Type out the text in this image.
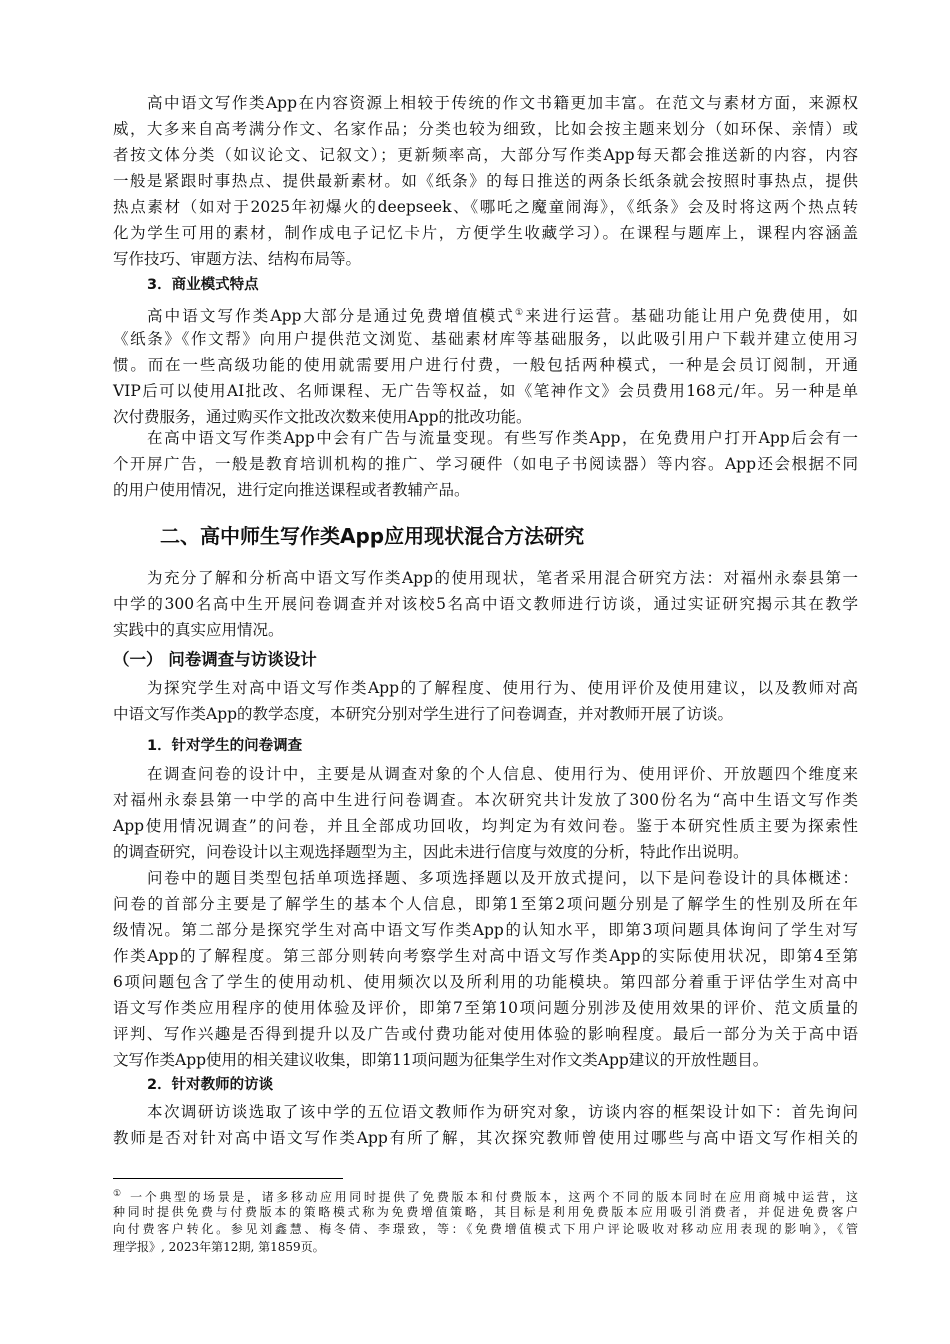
高中语文写作类App在内容资源上相较于传统的作文书籍更加丰富。在范文与素材方面，来源权
威，大多来自高考满分作文、名家作品；分类也较为细致，比如会按主题来划分（如环保、亲情）或
者按文体分类（如议论文、记叙文）；更新频率高，大部分写作类App每天都会推送新的内容，内容
一般是紧跟时事热点、提供最新素材。如《纸条》的每日推送的两条长纸条就会按照时事热点，提供
热点素材（如对于2025年初爆火的deepseek、《哪吒之魔童闹海》，《纸条》会及时将这两个热点转
化为学生可用的素材，制作成电子记忆卡片，方便学生收藏学习）。在课程与题库上，课程内容涵盖
写作技巧、审题方法、结构布局等。
3．商业模式特点
高中语文写作类App大部分是通过免费增值模式①来进行运营。基础功能让用户免费使用，如
《纸条》《作文帮》向用户提供范文浏览、基础素材库等基础服务，以此吸引用户下载并建立使用习
惯。而在一些高级功能的使用就需要用户进行付费，一般包括两种模式，一种是会员订阅制，开通
VIP后可以使用AI批改、名师课程、无广告等权益，如《笔神作文》会员费用168元/年。另一种是单
次付费服务，通过购买作文批改次数来使用App的批改功能。
在高中语文写作类App中会有广告与流量变现。有些写作类App，在免费用户打开App后会有一
个开屏广告，一般是教育培训机构的推广、学习硬件（如电子书阅读器）等内容。App还会根据不同
的用户使用情况，进行定向推送课程或者教辅产品。
二、高中师生写作类App应用现状混合方法研究
为充分了解和分析高中语文写作类App的使用现状，笔者采用混合研究方法：对福州永泰县第一
中学的300名高中生开展问卷调查并对该校5名高中语文教师进行访谈，通过实证研究揭示其在教学
实践中的真实应用情况。
（一） 问卷调查与访谈设计
为探究学生对高中语文写作类App的了解程度、使用行为、使用评价及使用建议，以及教师对高
中语文写作类App的教学态度，本研究分别对学生进行了问卷调查，并对教师开展了访谈。
1．针对学生的问卷调查
在调查问卷的设计中，主要是从调查对象的个人信息、使用行为、使用评价、开放题四个维度来
对福州永泰县第一中学的高中生进行问卷调查。本次研究共计发放了300份名为“高中生语文写作类
App使用情况调查”的问卷，并且全部成功回收，均判定为有效问卷。鉴于本研究性质主要为探索性
的调查研究，问卷设计以主观选择题型为主，因此未进行信度与效度的分析，特此作出说明。
问卷中的题目类型包括单项选择题、多项选择题以及开放式提问，以下是问卷设计的具体概述：
问卷的首部分主要是了解学生的基本个人信息，即第1至第2项问题分别是了解学生的性别及所在年
级情况。第二部分是探究学生对高中语文写作类App的认知水平，即第3项问题具体询问了学生对写
作类App的了解程度。第三部分则转向考察学生对高中语文写作类App的实际使用状况，即第4至第
6项问题包含了学生的使用动机、使用频次以及所利用的功能模块。第四部分着重于评估学生对高中
语文写作类应用程序的使用体验及评价，即第7至第10项问题分别涉及使用效果的评价、范文质量的
评判、写作兴趣是否得到提升以及广告或付费功能对使用体验的影响程度。最后一部分为关于高中语
文写作类App使用的相关建议收集，即第11项问题为征集学生对作文类App建议的开放性题目。
2．针对教师的访谈
本次调研访谈选取了该中学的五位语文教师作为研究对象，访谈内容的框架设计如下：首先询问
教师是否对针对高中语文写作类App有所了解，其次探究教师曾使用过哪些与高中语文写作相关的
① 一个典型的场景是，诸多移动应用同时提供了免费版本和付费版本，这两个不同的版本同时在应用商城中运营，这
种同时提供免费与付费版本的策略模式称为免费增值策略，其目标是利用免费版本应用吸引消费者，并促进免费客户
向付费客户转化。参见刘鑫慧、梅冬倩、李璟致，等：《免费增值模式下用户评论吸收对移动应用表现的影响》，《管
理学报》, 2023年第12期, 第1859页。
